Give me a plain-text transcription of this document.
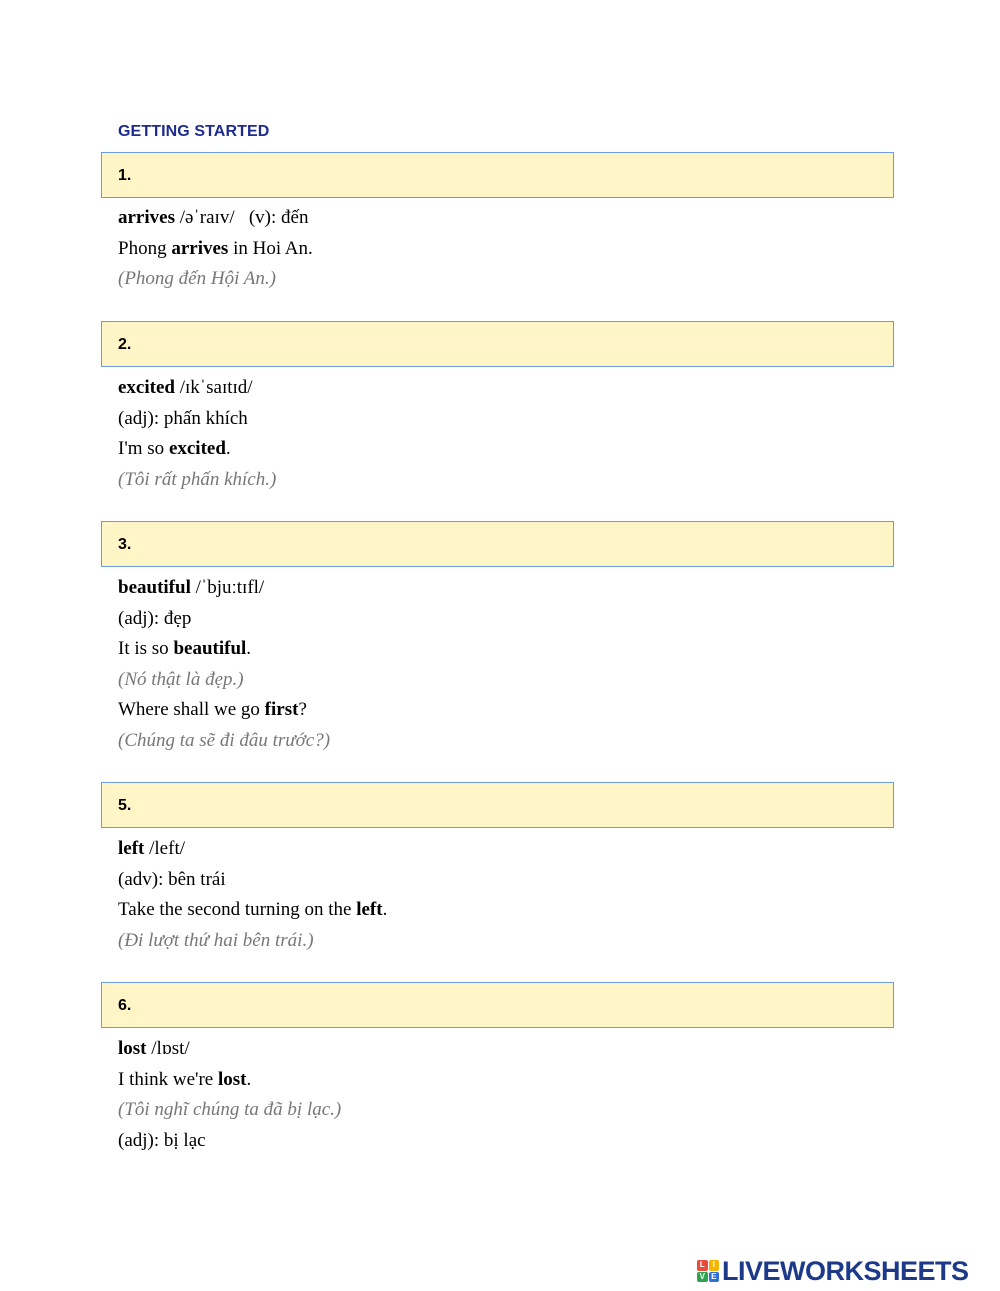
GETTING STARTED
1.
arrives /əˈraɪv/   (v): đến
Phong arrives in Hoi An.
(Phong đến Hội An.)
2.
excited /ɪkˈsaɪtɪd/
(adj): phấn khích
I'm so excited.
(Tôi rất phấn khích.)
3.
beautiful /ˈbjuːtɪfl/
(adj): đẹp
It is so beautiful.
(Nó thật là đẹp.)
Where shall we go first?
(Chúng ta sẽ đi đâu trước?)
5.
left /left/
(adv): bên trái
Take the second turning on the left.
(Đi lượt thứ hai bên trái.)
6.
lost /lɒst/
I think we're lost.
(Tôi nghĩ chúng ta đã bị lạc.)
(adj): bị lạc
L I
V E LIVEWORKSHEETS
